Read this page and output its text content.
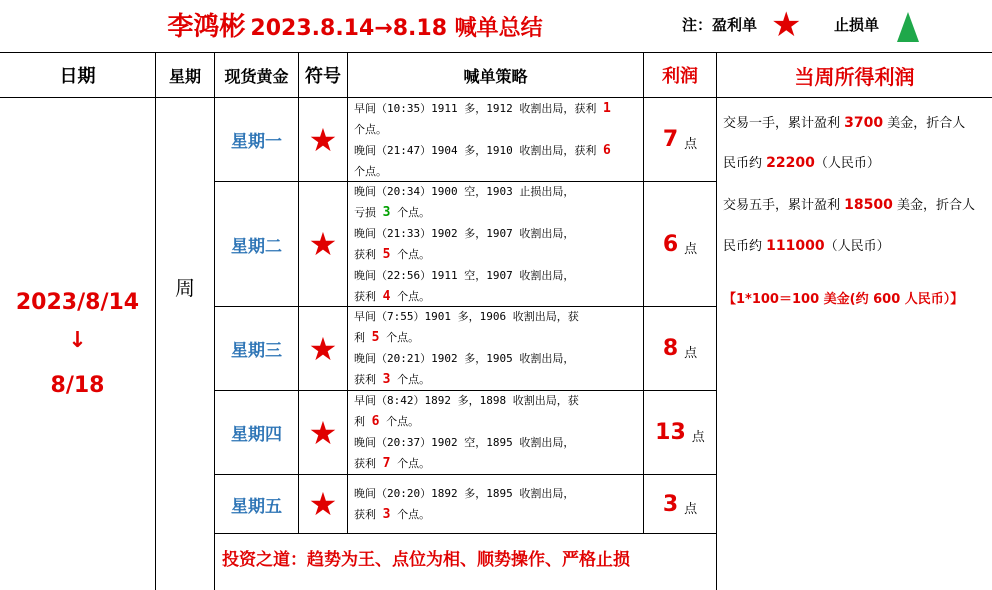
李鸿彬 2023.8.14→8.18 喊单总结	注：盈利单 ★ 止损单
日期	星期	现货黄金 符号	喊单策略	利润	当周所得利润
2023/8/14
↓
8/18
周
星期一 ★
早间（10:35）1911 多，1912 收割出局，获利 1
个点。
晚间（21:47）1904 多，1910 收割出局，获利 6
个点。
7 点
星期二 ★
晚间（20:34）1900 空，1903 止损出局，
亏损 3 个点。
晚间（21:33）1902 多，1907 收割出局，
获利 5 个点。
晚间（22:56）1911 空，1907 收割出局，
获利 4 个点。
6 点
星期三 ★
早间（7:55）1901 多，1906 收割出局，获
利 5 个点。
晚间（20:21）1902 多，1905 收割出局，
获利 3 个点。
8 点
星期四 ★
早间（8:42）1892 多，1898 收割出局，获
利 6 个点。
晚间（20:37）1902 空，1895 收割出局，
获利 7 个点。
13 点
星期五 ★	晚间（20:20）1892 多，1895 收割出局，
获利 3 个点。	3 点
投资之道：趋势为王、点位为相、顺势操作、严格止损
交易一手，累计盈利 3700 美金，折合人
民币约 22200（人民币）
交易五手，累计盈利 18500 美金，折合人
民币约 111000（人民币）
【1*100＝100 美金(约 600 人民币）】
